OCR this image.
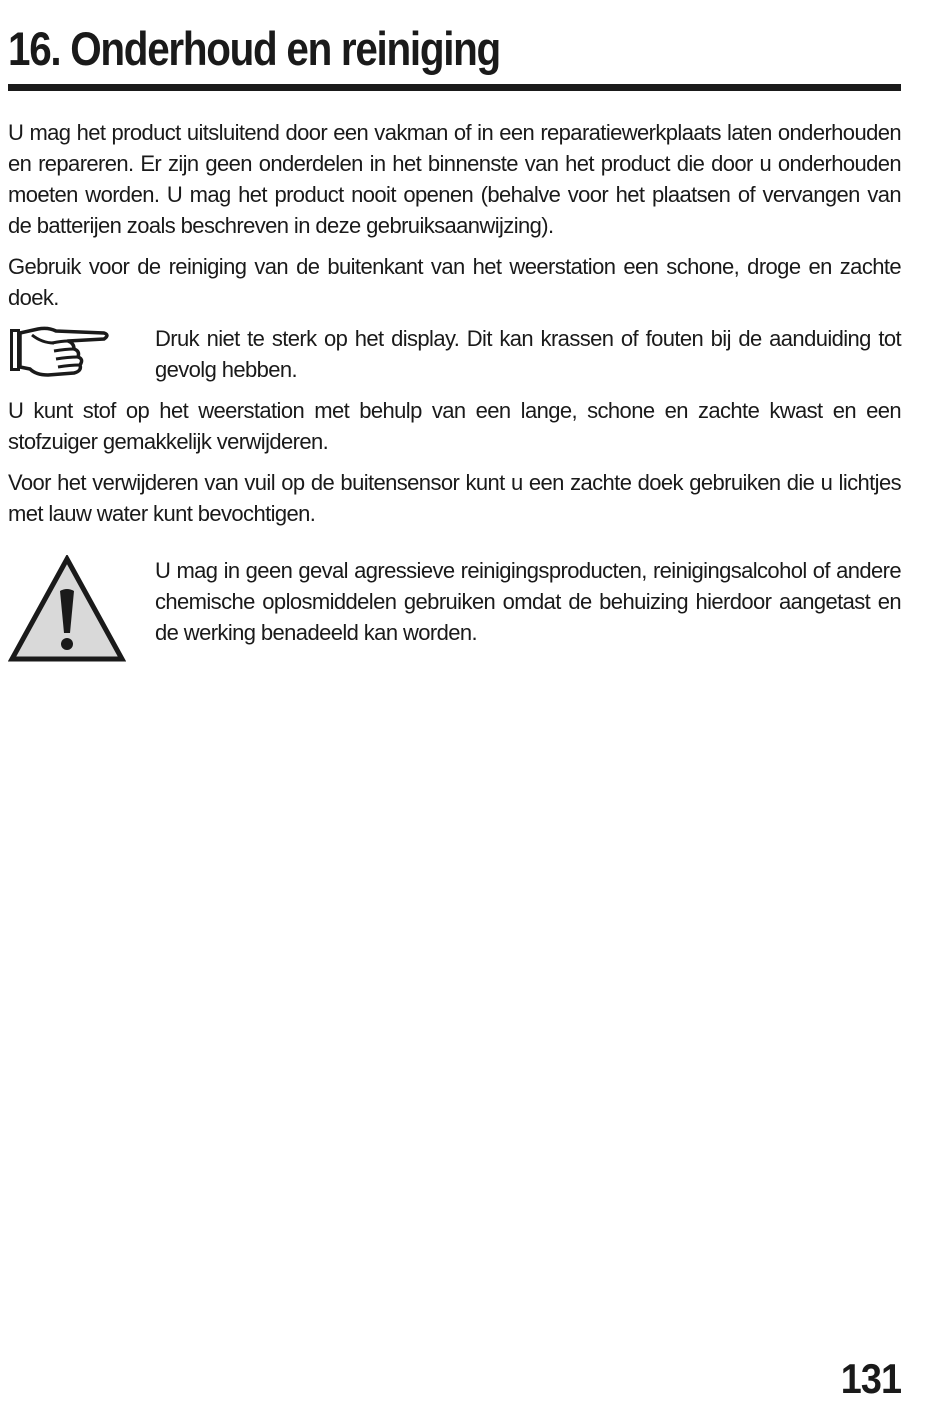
16. Onderhoud en reiniging

U mag het product uitsluitend door een vakman of in een reparatiewerkplaats laten onderhouden en repareren. Er zijn geen onderdelen in het binnenste van het product die door u onderhouden moeten worden. U mag het product nooit openen (behalve voor het plaatsen of vervangen van de batterijen zoals beschreven in deze gebruiksaanwijzing).

Gebruik voor de reiniging van de buitenkant van het weerstation een schone, droge en zachte doek.

Druk niet te sterk op het display. Dit kan krassen of fouten bij de aanduiding tot gevolg hebben.

U kunt stof op het weerstation met behulp van een lange, schone en zachte kwast en een stofzuiger gemakkelijk verwijderen.

Voor het verwijderen van vuil op de buitensensor kunt u een zachte doek gebruiken die u lichtjes met lauw water kunt bevochtigen.

U mag in geen geval agressieve reinigingsproducten, reinigingsalcohol of andere chemische oplosmiddelen gebruiken omdat de behuizing hierdoor aangetast en de werking benadeeld kan worden.

131
